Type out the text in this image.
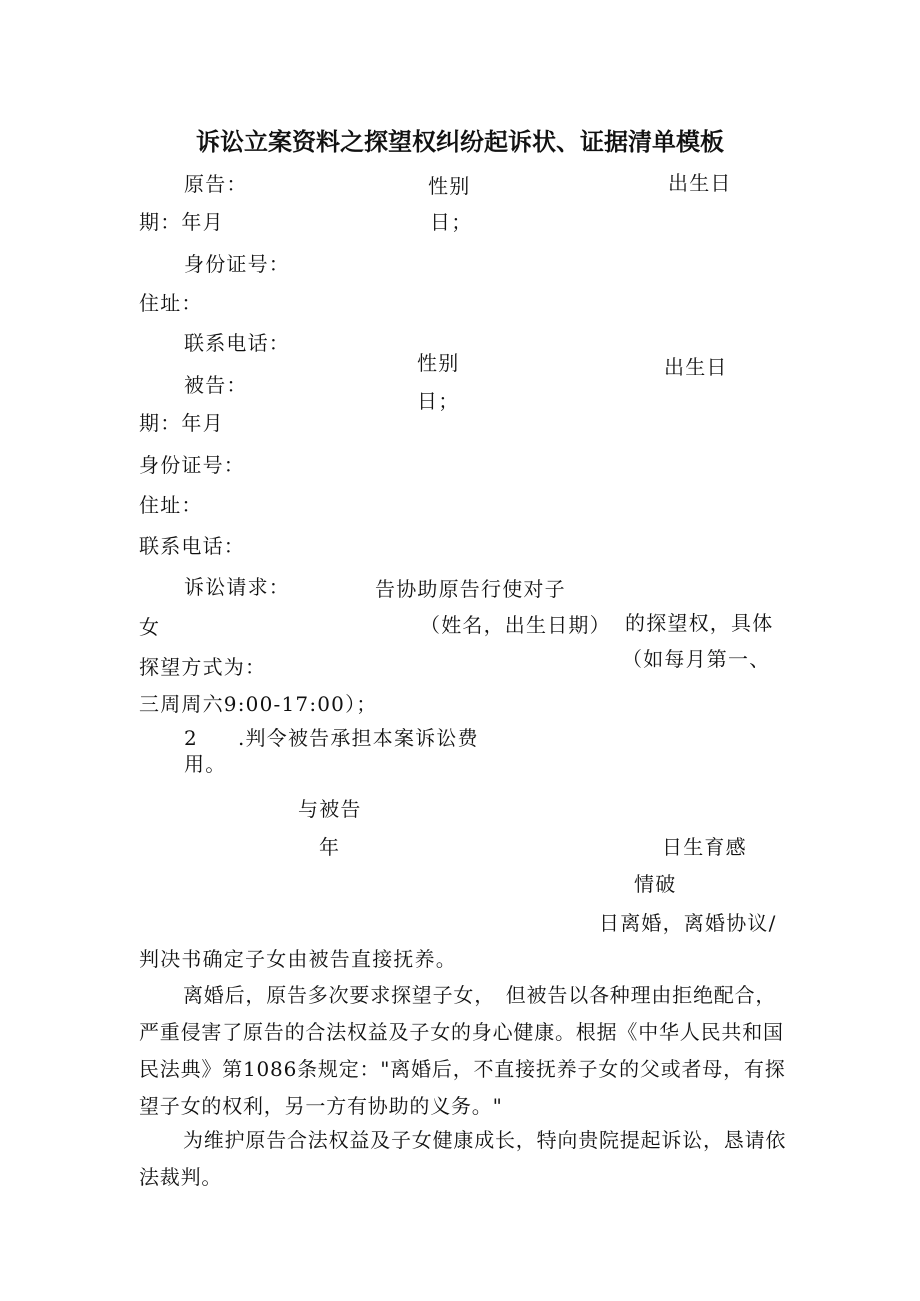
诉讼立案资料之探望权纠纷起诉状、证据清单模板
原告：	性别	出生日
期：年月	日；
身份证号：
住址：
联系电话：
被告：
性别	出生日
期：年月
日；
身份证号：
住址：
联系电话：
诉讼请求：	告协助原告行使对子
女	（姓名，出生日期） 的探望权，具体
探望方式为：	（如每月第一、
三周周六9:00-17:00）；
2 .判令被告承担本案诉讼费
用。
与被告
年	日生育感
情破
日离婚，离婚协议/
判决书确定子女由被告直接抚养。

离婚后，原告多次要求探望子女，　但被告以各种理由拒绝配合，严重侵害了原告的合法权益及子女的身心健康。根据《中华人民共和国民法典》第1086条规定："离婚后，不直接抚养子女的父或者母，有探望子女的权利，另一方有协助的义务。"

为维护原告合法权益及子女健康成长，特向贵院提起诉讼，恳请依法裁判。
